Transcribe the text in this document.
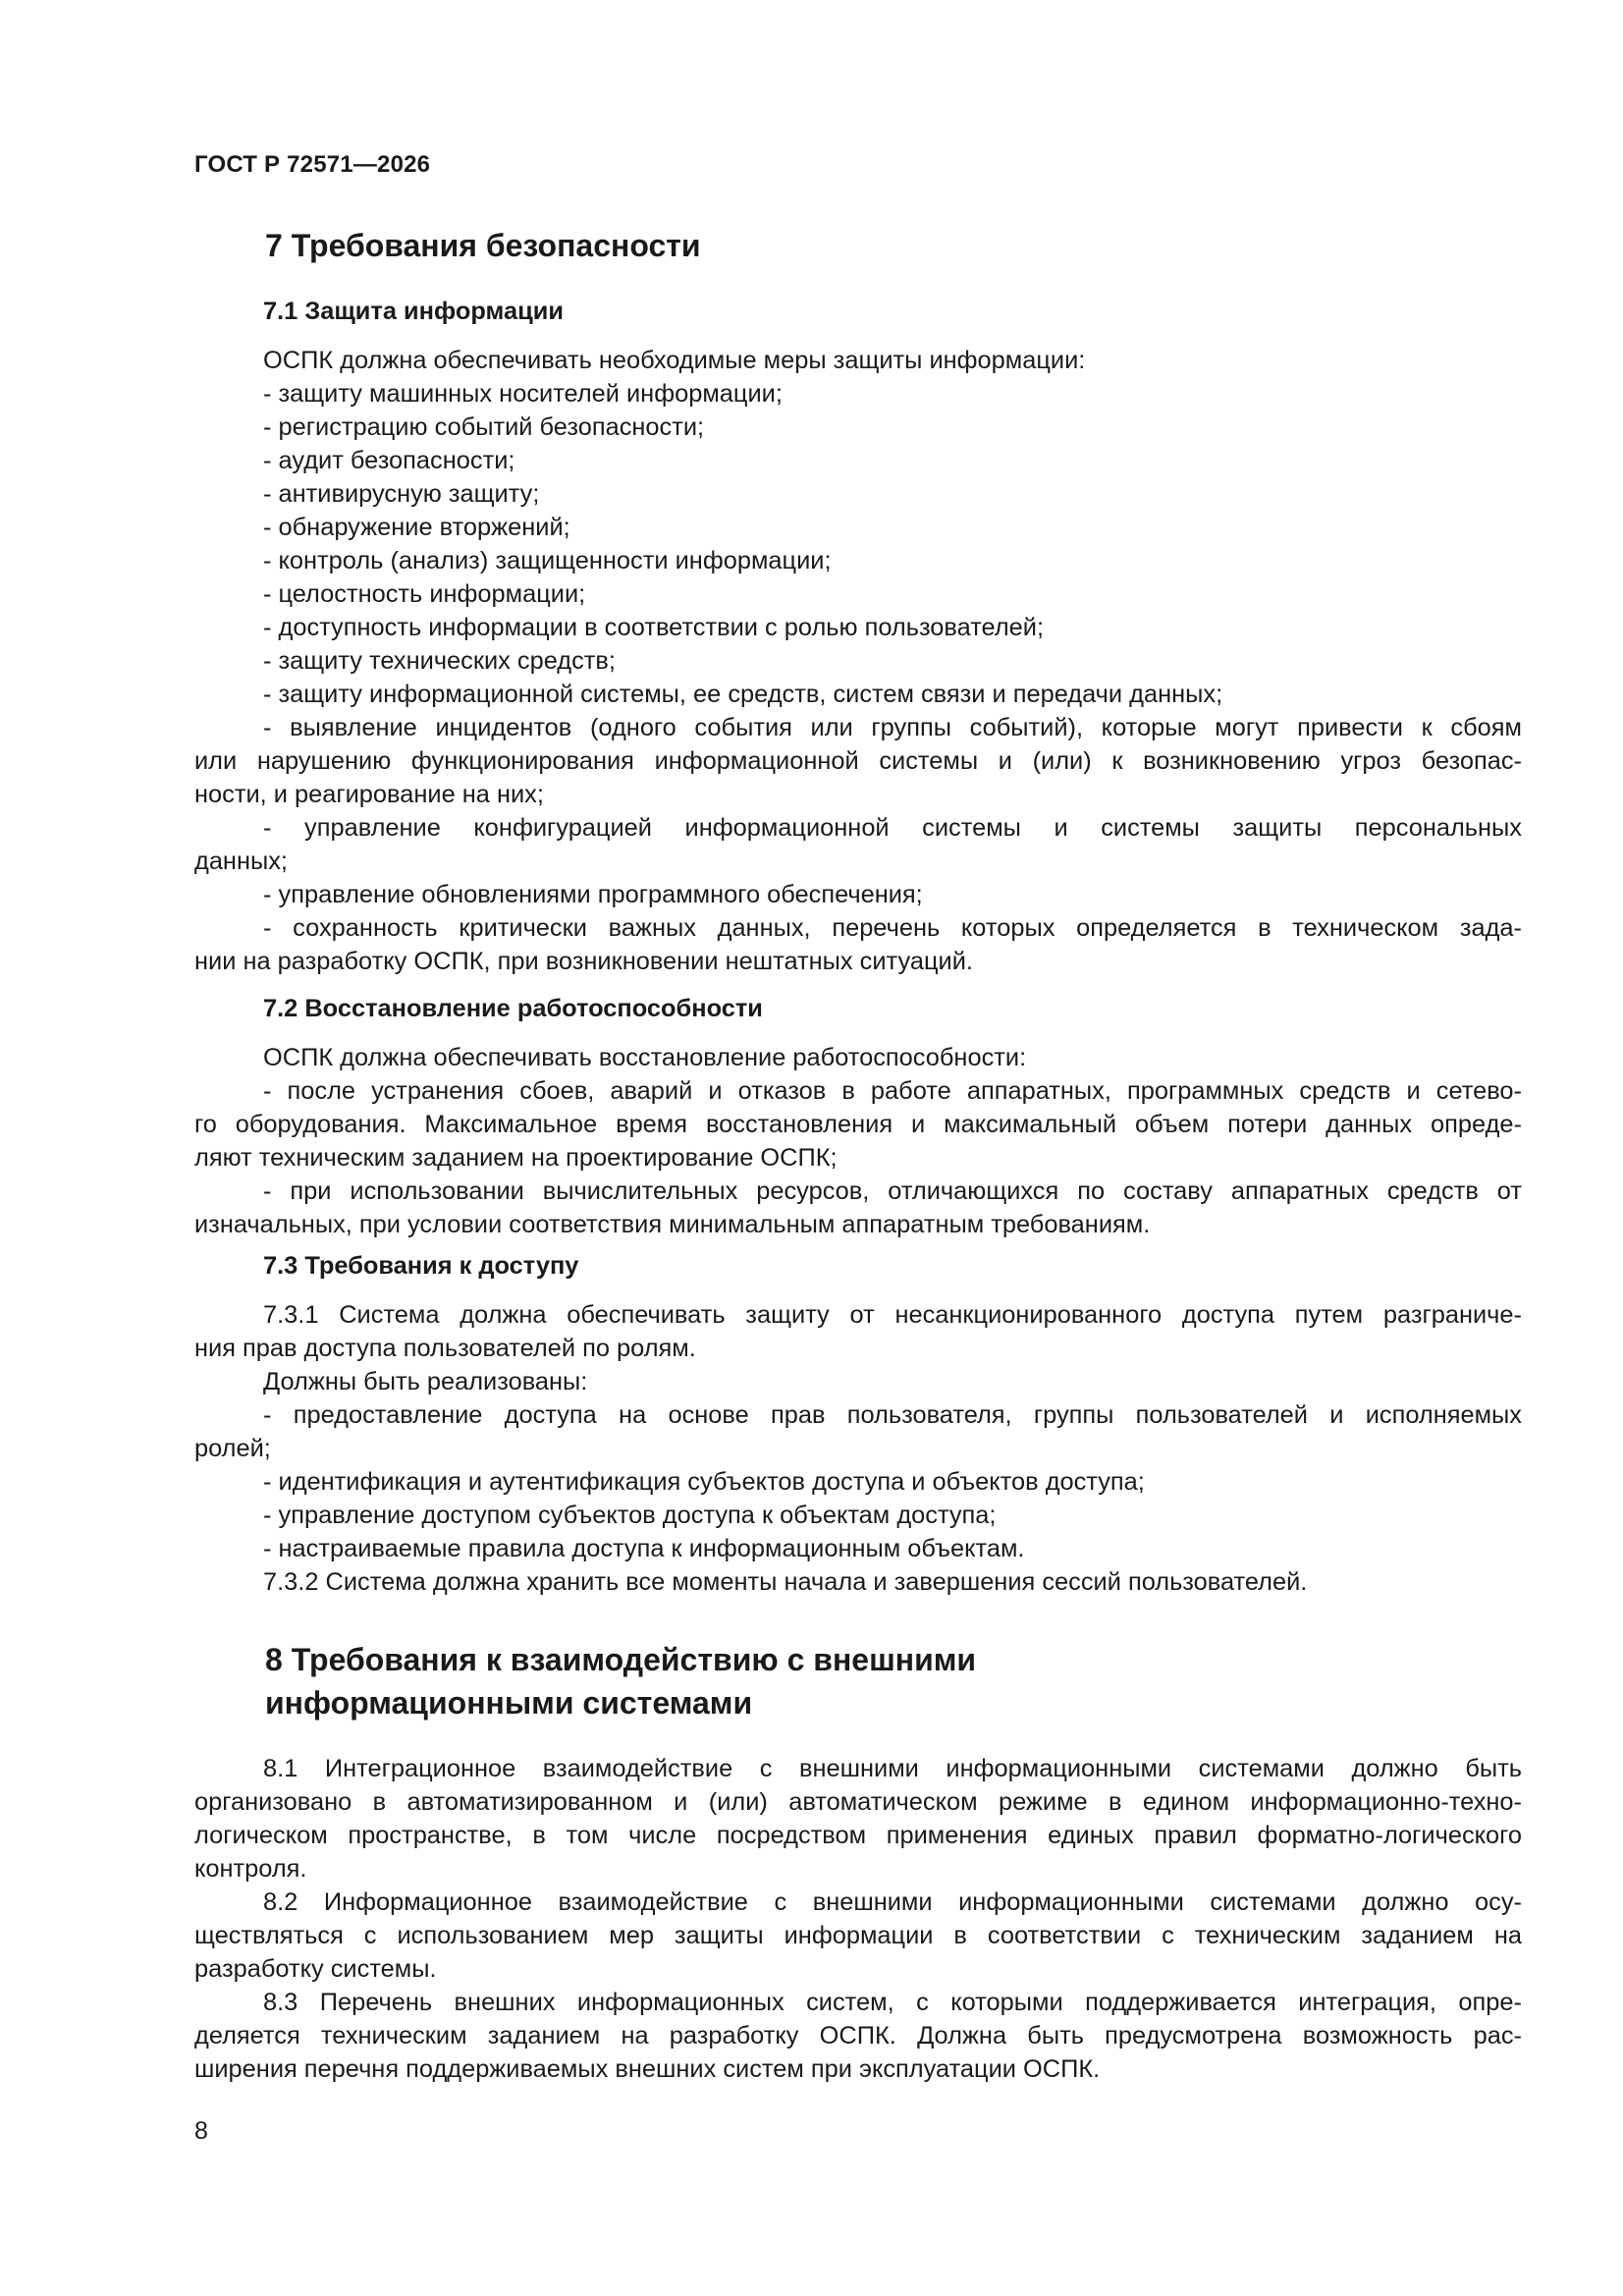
ГОСТ Р 72571—2026
7 Требования безопасности
7.1 Защита информации

ОСПК должна обеспечивать необходимые меры защиты информации:

- защиту машинных носителей информации;

- регистрацию событий безопасности;

- аудит безопасности;

- антивирусную защиту;

- обнаружение вторжений;

- контроль (анализ) защищенности информации;

- целостность информации;

- доступность информации в соответствии с ролью пользователей;

- защиту технических средств;

- защиту информационной системы, ее средств, систем связи и передачи данных;

- выявление инцидентов (одного события или группы событий), которые могут привести к сбоям

или нарушению функционирования информационной системы и (или) к возникновению угроз безопас-

ности, и реагирование на них;

- управление конфигурацией информационной системы и системы защиты персональных

данных;

- управление обновлениями программного обеспечения;

- сохранность критически важных данных, перечень которых определяется в техническом зада-

нии на разработку ОСПК, при возникновении нештатных ситуаций.

7.2 Восстановление работоспособности

ОСПК должна обеспечивать восстановление работоспособности:

- после устранения сбоев, аварий и отказов в работе аппаратных, программных средств и сетево-

го оборудования. Максимальное время восстановления и максимальный объем потери данных опреде-

ляют техническим заданием на проектирование ОСПК;

- при использовании вычислительных ресурсов, отличающихся по составу аппаратных средств от

изначальных, при условии соответствия минимальным аппаратным требованиям.

7.3 Требования к доступу

7.3.1 Система должна обеспечивать защиту от несанкционированного доступа путем разграниче-

ния прав доступа пользователей по ролям.

Должны быть реализованы:

- предоставление доступа на основе прав пользователя, группы пользователей и исполняемых

ролей;

- идентификация и аутентификация субъектов доступа и объектов доступа;

- управление доступом субъектов доступа к объектам доступа;

- настраиваемые правила доступа к информационным объектам.

7.3.2 Система должна хранить все моменты начала и завершения сессий пользователей.

8 Требования к взаимодействию с внешними
информационными системами

8.1 Интеграционное взаимодействие с внешними информационными системами должно быть

организовано в автоматизированном и (или) автоматическом режиме в едином информационно-техно-

логическом пространстве, в том числе посредством применения единых правил форматно-логического

контроля.

8.2 Информационное взаимодействие с внешними информационными системами должно осу-

ществляться с использованием мер защиты информации в соответствии с техническим заданием на

разработку системы.

8.3 Перечень внешних информационных систем, с которыми поддерживается интеграция, опре-

деляется техническим заданием на разработку ОСПК. Должна быть предусмотрена возможность рас-

ширения перечня поддерживаемых внешних систем при эксплуатации ОСПК.

8
